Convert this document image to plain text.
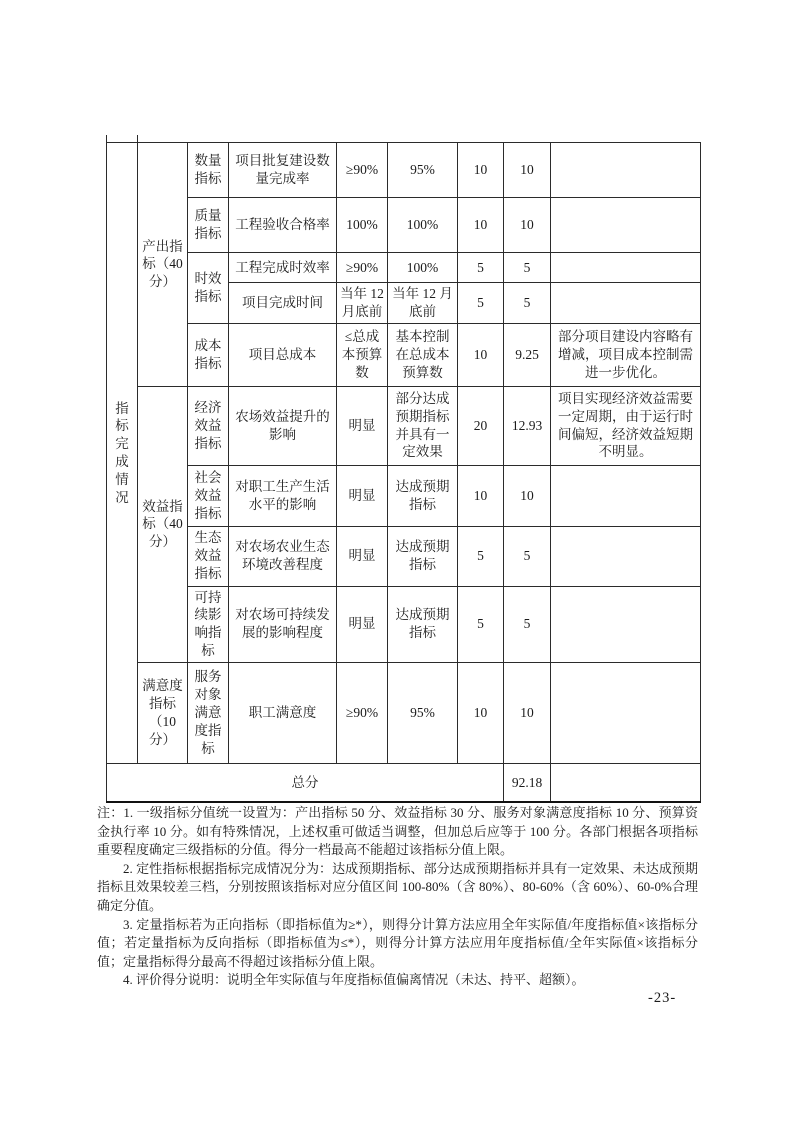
指标完成情况	产出指标（40分）	数量指标	项目批复建设数量完成率	≥90%	95%	10	10	
		质量指标	工程验收合格率	100%	100%	10	10	
		时效指标	工程完成时效率	≥90%	100%	5	5	
			项目完成时间	当年 12 月底前	当年 12 月底前	5	5	
		成本指标	项目总成本	≤总成本预算数	基本控制在总成本预算数	10	9.25	部分项目建设内容略有增减，项目成本控制需进一步优化。
	效益指标（40分）	经济效益指标	农场效益提升的影响	明显	部分达成预期指标并具有一定效果	20	12.93	项目实现经济效益需要一定周期，由于运行时间偏短，经济效益短期不明显。
		社会效益指标	对职工生产生活水平的影响	明显	达成预期指标	10	10	
		生态效益指标	对农场农业生态环境改善程度	明显	达成预期指标	5	5	
		可持续影响指标	对农场可持续发展的影响程度	明显	达成预期指标	5	5	
	满意度指标（10分）	服务对象满意度指标	职工满意度	≥90%	95%	10	10	
总分							92.18	

注：1. 一级指标分值统一设置为：产出指标 50 分、效益指标 30 分、服务对象满意度指标 10 分、预算资金执行率 10 分。如有特殊情况，上述权重可做适当调整，但加总后应等于 100 分。各部门根据各项指标重要程度确定三级指标的分值。得分一档最高不能超过该指标分值上限。

2. 定性指标根据指标完成情况分为：达成预期指标、部分达成预期指标并具有一定效果、未达成预期指标且效果较差三档，分别按照该指标对应分值区间 100-80%（含 80%）、80-60%（含 60%）、60-0%合理确定分值。

3. 定量指标若为正向指标（即指标值为≥*），则得分计算方法应用全年实际值/年度指标值×该指标分值；若定量指标为反向指标（即指标值为≤*），则得分计算方法应用年度指标值/全年实际值×该指标分值；定量指标得分最高不得超过该指标分值上限。

4. 评价得分说明：说明全年实际值与年度指标值偏离情况（未达、持平、超额）。

-23-
